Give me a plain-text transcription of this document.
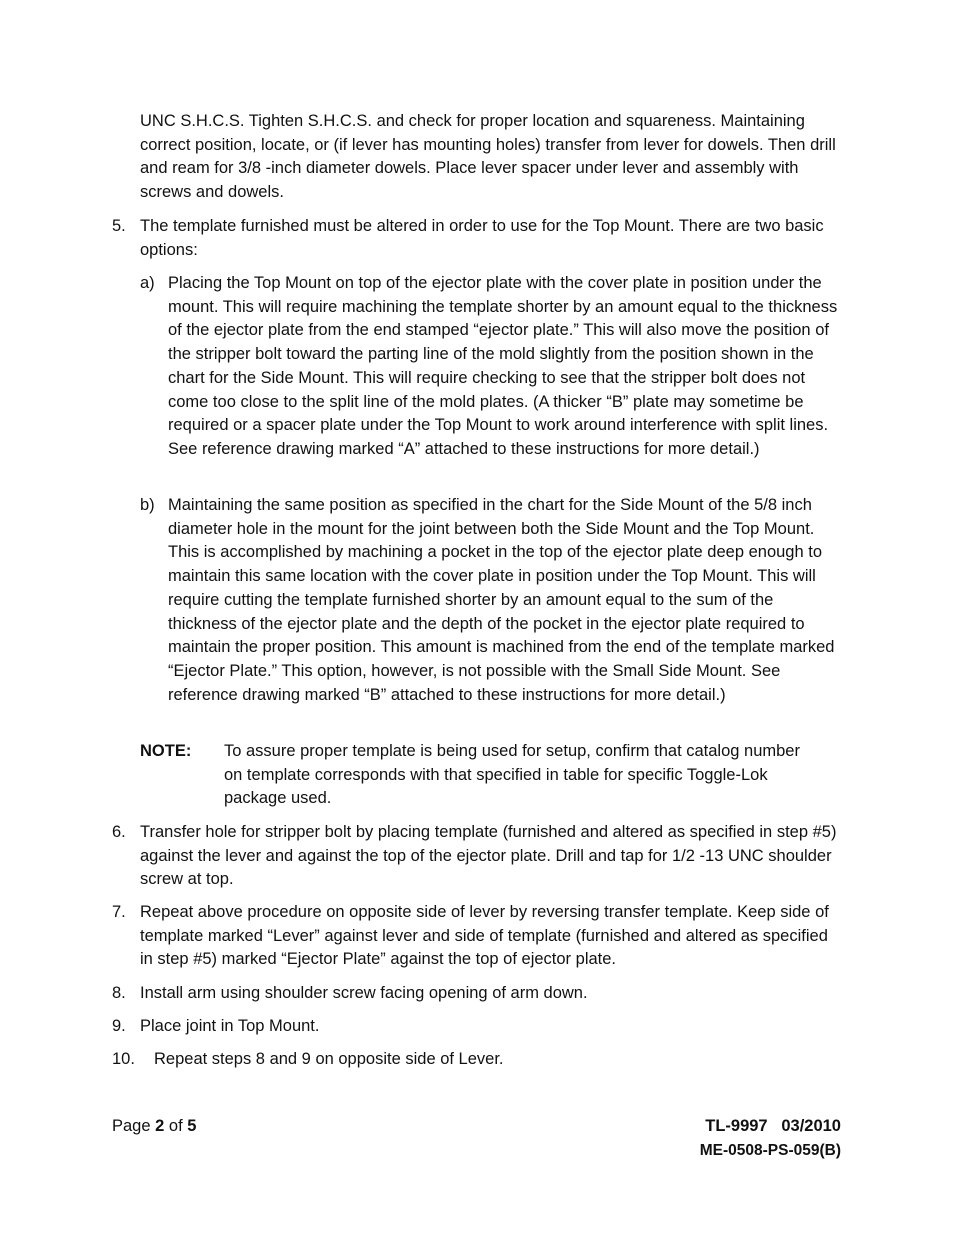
UNC S.H.C.S. Tighten S.H.C.S. and check for proper location and squareness. Maintaining correct position, locate, or (if lever has mounting holes) transfer from lever for dowels. Then drill and ream for 3/8 -inch diameter dowels. Place lever spacer under lever and assembly with screws and dowels.

5. The template furnished must be altered in order to use for the Top Mount. There are two basic options:

a) Placing the Top Mount on top of the ejector plate with the cover plate in position under the mount. This will require machining the template shorter by an amount equal to the thickness of the ejector plate from the end stamped “ejector plate.” This will also move the position of the stripper bolt toward the parting line of the mold slightly from the position shown in the chart for the Side Mount. This will require checking to see that the stripper bolt does not come too close to the split line of the mold plates. (A thicker “B” plate may sometime be required or a spacer plate under the Top Mount to work around interference with split lines. See reference drawing marked “A” attached to these instructions for more detail.)

b) Maintaining the same position as specified in the chart for the Side Mount of the 5/8 inch diameter hole in the mount for the joint between both the Side Mount and the Top Mount. This is accomplished by machining a pocket in the top of the ejector plate deep enough to maintain this same location with the cover plate in position under the Top Mount. This will require cutting the template furnished shorter by an amount equal to the sum of the thickness of the ejector plate and the depth of the pocket in the ejector plate required to maintain the proper position. This amount is machined from the end of the template marked “Ejector Plate.” This option, however, is not possible with the Small Side Mount. See reference drawing marked “B” attached to these instructions for more detail.)

NOTE: To assure proper template is being used for setup, confirm that catalog number on template corresponds with that specified in table for specific Toggle-Lok package used.

6. Transfer hole for stripper bolt by placing template (furnished and altered as specified in step #5) against the lever and against the top of the ejector plate. Drill and tap for 1/2 -13 UNC shoulder screw at top.

7. Repeat above procedure on opposite side of lever by reversing transfer template. Keep side of template marked “Lever” against lever and side of template (furnished and altered as specified in step #5) marked “Ejector Plate” against the top of ejector plate.

8. Install arm using shoulder screw facing opening of arm down.

9. Place joint in Top Mount.

10. Repeat steps 8 and 9 on opposite side of Lever.

Page 2 of 5	TL-9997   03/2010
ME-0508-PS-059(B)
